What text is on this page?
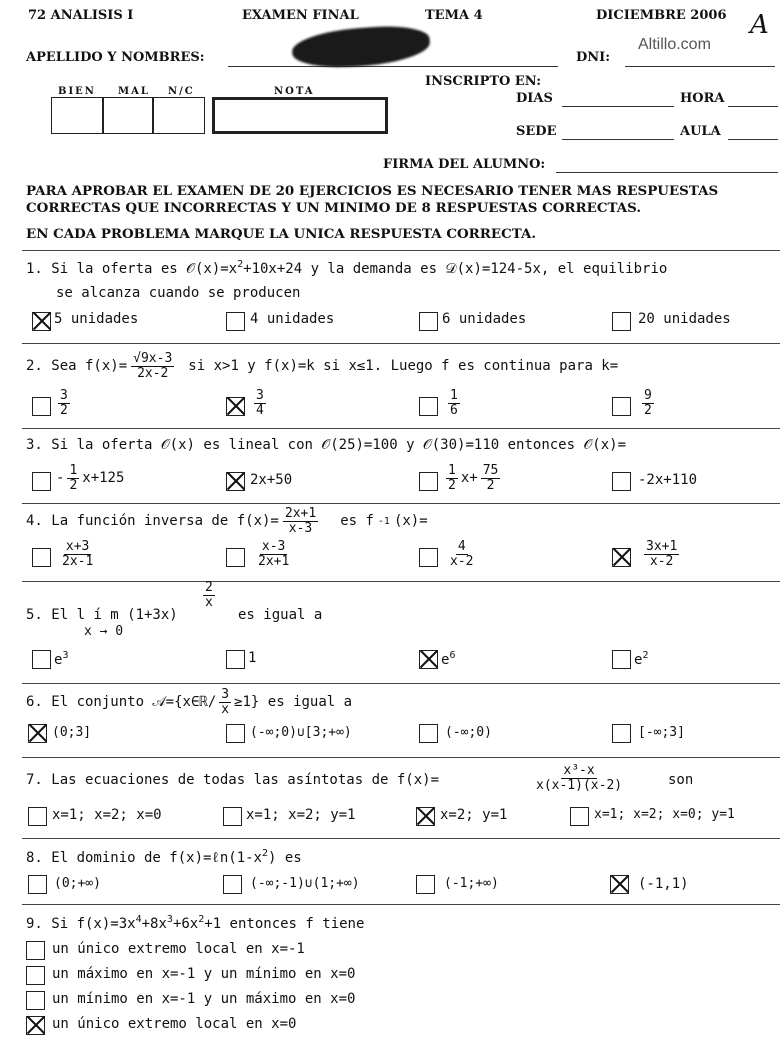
72 ANALISIS I	EXAMEN FINAL	TEMA 4	DICIEMBRE 2006 A
Altillo.com
APELLIDO Y NOMBRES:	DNI:
BIEN MAL N/C	NOTA
INSCRIPTO EN:
DIAS	HORA
SEDE	AULA
FIRMA DEL ALUMNO:
PARA APROBAR EL EXAMEN DE 20 EJERCICIOS ES NECESARIO TENER MAS RESPUESTAS
CORRECTAS QUE INCORRECTAS Y UN MINIMO DE 8 RESPUESTAS CORRECTAS.
EN CADA PROBLEMA MARQUE LA UNICA RESPUESTA CORRECTA.
1. Si la oferta es $𝒪(x)=x^2+10x+24$ y la demanda es 𝒟(x)=124-5x, el equilibrio
se alcanza cuando se producen
5 unidades	4 unidades	6 unidades	20 unidades
2. Sea $f(x)= \frac{√9x-3}{2x-2}$ si x>1 y f(x)=k si x≤1. Luego f es continua para k=
$\frac{3}{2}$	$\frac{3}{4}$	$\frac{1}{6}$	$\frac{9}{2}$
3. Si la oferta 𝒪(x) es lineal con 𝒪(25)=100 y 𝒪(30)=110 entonces 𝒪(x)=
- $\frac{1}{2} x+125$	2x+50	$\frac{1}{2} x+ \frac{75}{2}$	-2x+110
4. La función inversa de $f(x)= \frac{2x+1}{x-3}$ es f -1 (x)=
$\frac{x+3}{2x-1}$	$\frac{x-3}{2x+1}$	$\frac{4}{x-2}$	$\frac{3x+1}{x-2}$
5. El l í m (1+3x)
$\frac{2}{x}$
es igual a
x → 0
$e^3$	1	$e^6$	$e^2$
6. El conjunto 𝒜={x∈ℝ/ $\frac{3}{x} \ge 1$} es igual a
(0;3]	(-∞;0)∪[3;+∞)	(-∞;0)	[-∞;3]
7. Las ecuaciones de todas las asíntotas de f(x)=	$\frac{\text{x³-x}}{x(x-1)(x-2)}$	son
x=1; x=2; x=0	x=1; x=2; y=1	x=2; y=1	x=1; x=2; x=0; y=1
8. El dominio de $f(x)=\ell n(1-x^2)$ es
(0;+∞)	(-∞;-1)∪(1;+∞)	(-1;+∞)	(-1,1)
9. Si $f(x)=3x^4+8x^3+6x^2+1$ entonces f tiene
un único extremo local en x=-1
un máximo en x=-1 y un mínimo en x=0
un mínimo en x=-1 y un máximo en x=0
un único extremo local en x=0
